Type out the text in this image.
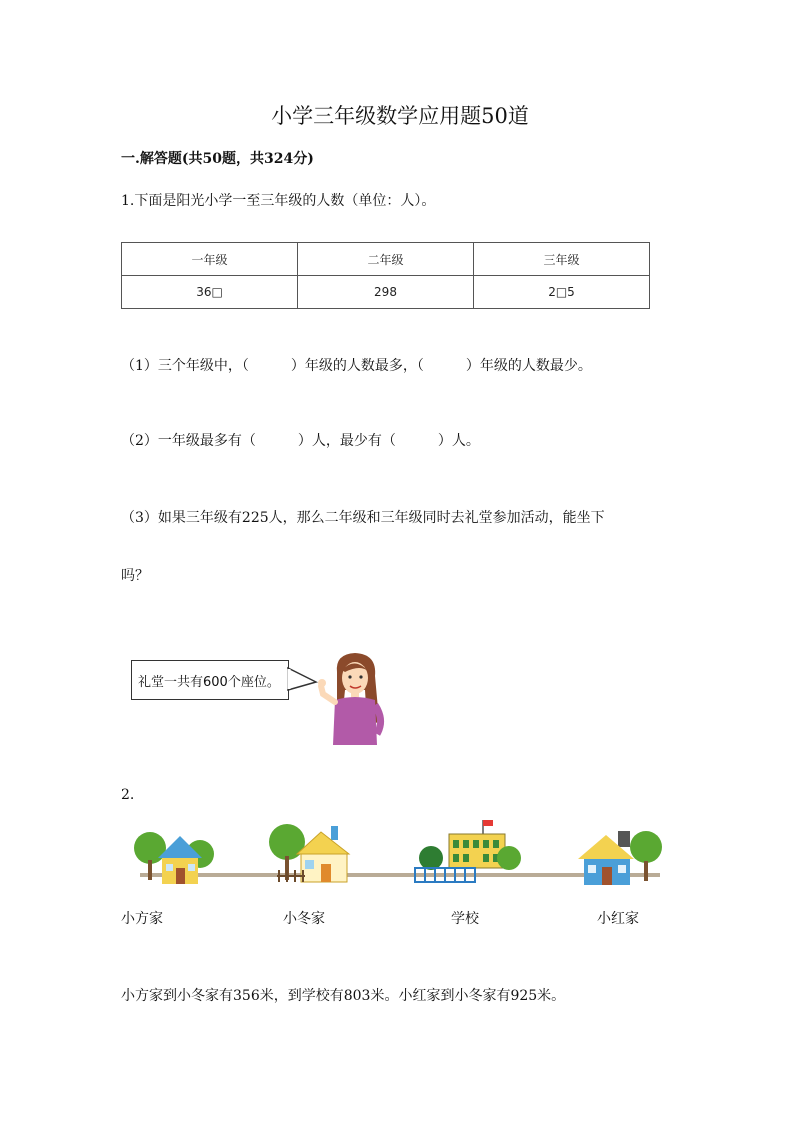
小学三年级数学应用题50道
一.解答题(共50题，共324分)
1.下面是阳光小学一至三年级的人数（单位：人）。
一年级	二年级	三年级
36□	298	2□5
（1）三个年级中，（　　　）年级的人数最多，（　　　）年级的人数最少。
（2）一年级最多有（　　　）人，最少有（　　　）人。
（3）如果三年级有225人，那么二年级和三年级同时去礼堂参加活动，能坐下
吗？
礼堂一共有600个座位。
2.
小方家	小冬家	学校	小红家
小方家到小冬家有356米，到学校有803米。小红家到小冬家有925米。
